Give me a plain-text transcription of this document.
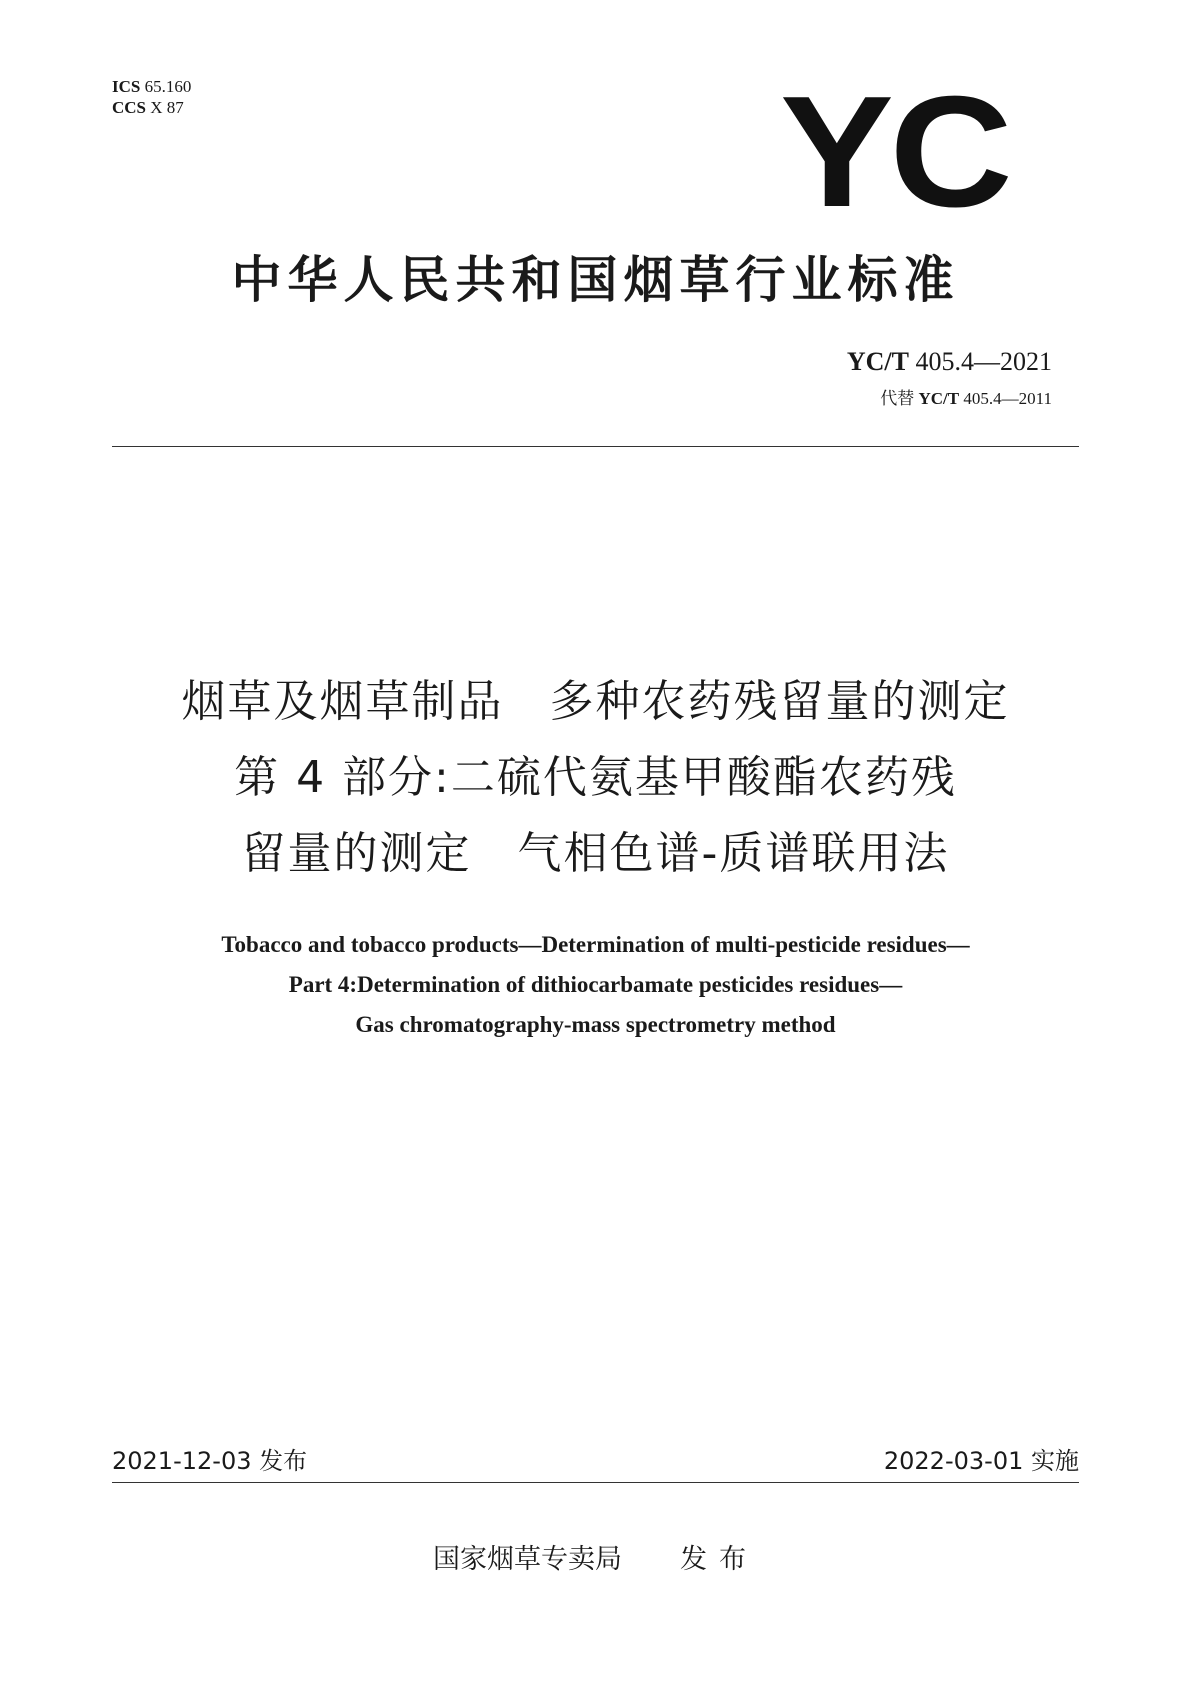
ICS 65.160
CCS X 87	YC
中华人民共和国烟草行业标准
YC/T 405.4—2021
代替 YC/T 405.4—2011
烟草及烟草制品　多种农药残留量的测定
第 4 部分:二硫代氨基甲酸酯农药残
留量的测定　气相色谱-质谱联用法
Tobacco and tobacco products—Determination of multi-pesticide residues—
Part 4:Determination of dithiocarbamate pesticides residues—
Gas chromatography-mass spectrometry method
2021-12-03 发布	2022-03-01 实施
国家烟草专卖局 发布
